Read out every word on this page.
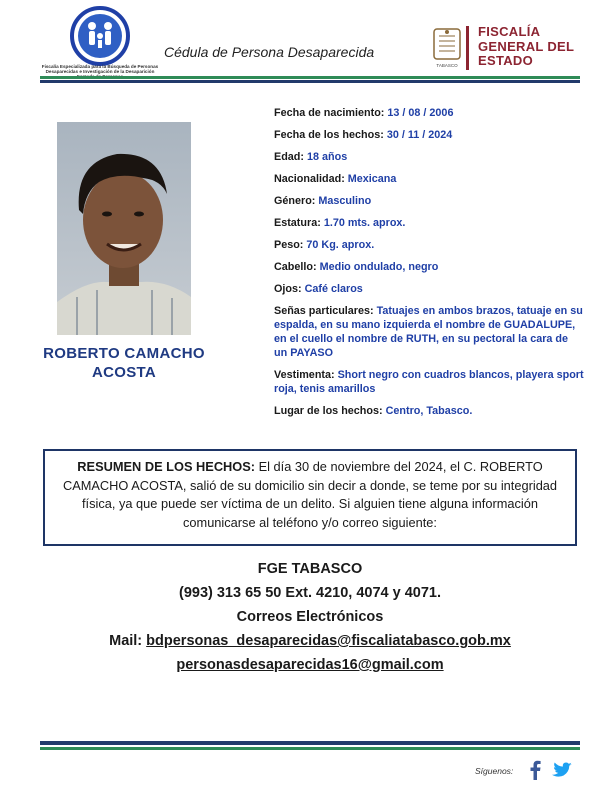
Fiscalía Especializada para la Búsqueda de Personas Desaparecidas e Investigación de la Desaparición
Cédula de Persona Desaparecida
TABASCO
FISCALÍA GENERAL DEL ESTADO
ROBERTO CAMACHO
ACOSTA
Fecha de nacimiento: 13 / 08 / 2006
Fecha de los hechos: 30 / 11 / 2024
Edad: 18 años
Nacionalidad: Mexicana
Género: Masculino
Estatura: 1.70 mts. aprox.
Peso: 70 Kg. aprox.
Cabello: Medio ondulado, negro
Ojos: Café claros
Señas particulares: Tatuajes en ambos brazos, tatuaje en su espalda, en su mano izquierda el nombre de GUADALUPE, en el cuello el nombre de RUTH, en su pectoral la cara de un PAYASO
Vestimenta: Short negro con cuadros blancos, playera sport roja, tenis amarillos
Lugar de los hechos: Centro, Tabasco.
RESUMEN DE LOS HECHOS: El día 30 de noviembre del 2024, el C. ROBERTO CAMACHO ACOSTA, salió de su domicilio sin decir a donde, se teme por su integridad física, ya que puede ser víctima de un delito. Si alguien tiene alguna información comunicarse al teléfono y/o correo siguiente:
FGE TABASCO
(993) 313 65 50 Ext. 4210, 4074 y 4071.
Correos Electrónicos
Mail: bdpersonas_desaparecidas@fiscaliatabasco.gob.mx
personasdesaparecidas16@gmail.com
Síguenos:
